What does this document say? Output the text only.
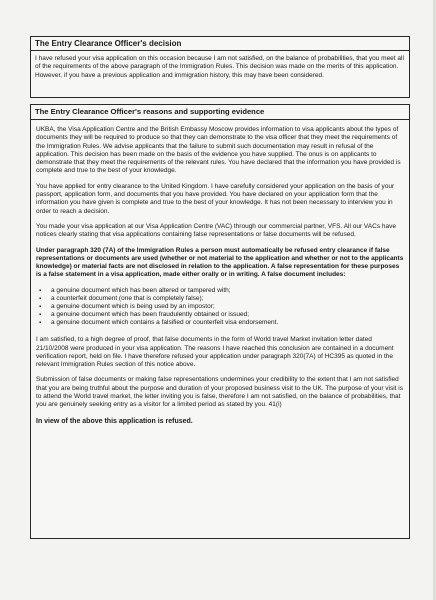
The Entry Clearance Officer's decision
I have refused your visa application on this occasion because I am not satisfied, on the balance of probabilities, that you meet all of the requirements of the above paragraph of the Immigration Rules. This decision was made on the merits of this application. However, if you have a previous application and immigration history, this may have been considered.
The Entry Clearance Officer's reasons and supporting evidence

UKBA, the Visa Application Centre and the British Embassy Moscow provides information to visa applicants about the types of documents they will be required to produce so that they can demonstrate to the visa officer that they meet the requirements of the Immigration Rules. We advise applicants that the failure to submit such documentation may result in refusal of the application. This decision has been made on the basis of the evidence you have supplied. The onus is on applicants to demonstrate that they meet the requirements of the relevant rules. You have declared that the information you have provided is complete and true to the best of your knowledge.

You have applied for entry clearance to the United Kingdom. I have carefully considered your application on the basis of your passport, application form, and documents that you have provided. You have declared on your application form that the information you have given is complete and true to the best of your knowledge. It has not been necessary to interview you in order to reach a decision.

You made your visa application at our Visa Application Centre (VAC) through our commercial partner, VFS. All our VACs have notices clearly stating that visa applications containing false representations or false documents will be refused.

Under paragraph 320 (7A) of the Immigration Rules a person must automatically be refused entry clearance if false representations or documents are used (whether or not material to the application and whether or not to the applicants knowledge) or material facts are not disclosed in relation to the application. A false representation for these purposes is a false statement in a visa application, made either orally or in writing. A false document includes:

▪ a genuine document which has been altered or tampered with;
▪ a counterfeit document (one that is completely false);
▪ a genuine document which is being used by an impostor;
▪ a genuine document which has been fraudulently obtained or issued;
▪ a genuine document which contains a falsified or counterfeit visa endorsement.

I am satisfied, to a high degree of proof, that false documents in the form of World travel Market invitation letter dated 21/10/2008 were produced in your visa application. The reasons I have reached this conclusion are contained in a document verification report, held on file. I have therefore refused your application under paragraph 320(7A) of HC395 as quoted in the relevant Immigration Rules section of this notice above.

Submission of false documents or making false representations undermines your credibility to the extent that I am not satisfied that you are being truthful about the purpose and duration of your proposed business visit to the UK. The purpose of your visit is to attend the World travel market, the letter inviting you is false, therefore I am not satisfied, on the balance of probabilities, that you are genuinely seeking entry as a visitor for a limited period as stated by you. 41(i)

In view of the above this application is refused.
